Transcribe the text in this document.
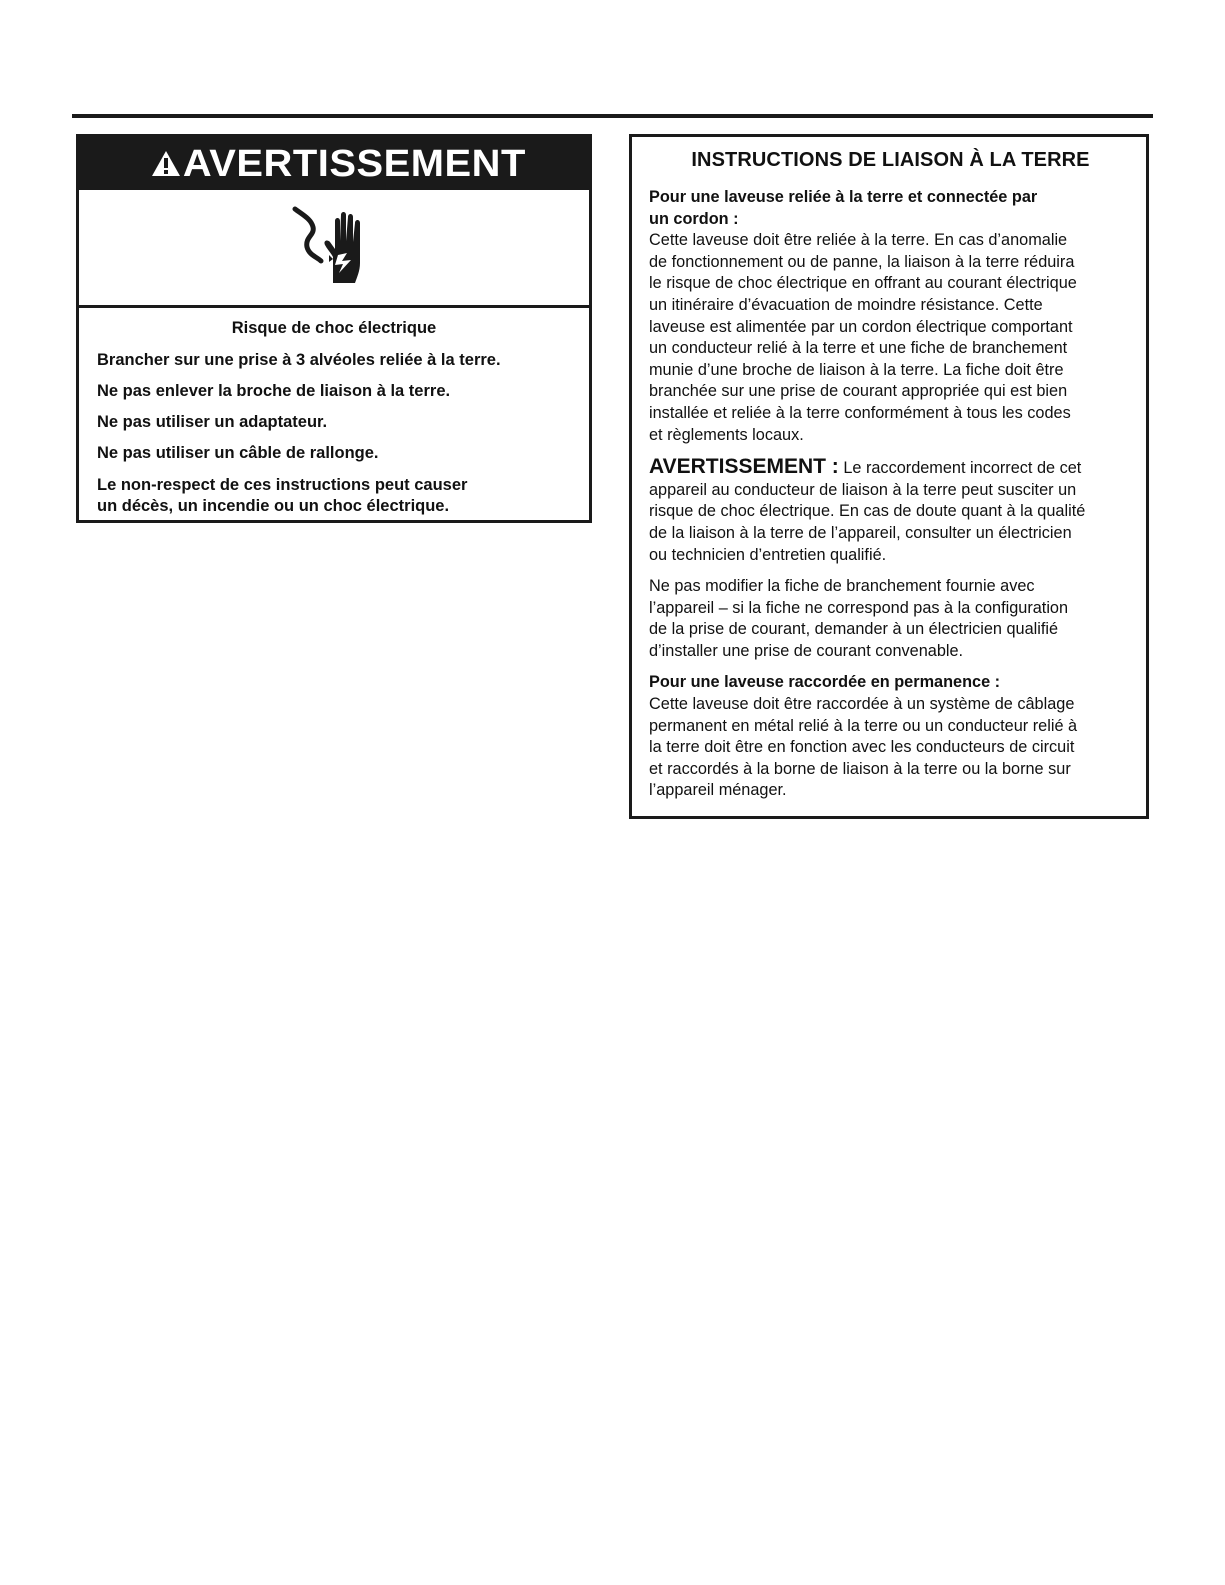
AVERTISSEMENT

Risque de choc électrique

Brancher sur une prise à 3 alvéoles reliée à la terre.

Ne pas enlever la broche de liaison à la terre.

Ne pas utiliser un adaptateur.

Ne pas utiliser un câble de rallonge.

Le non-respect de ces instructions peut causer
un décès, un incendie ou un choc électrique.

INSTRUCTIONS DE LIAISON À LA TERRE

Pour une laveuse reliée à la terre et connectée par
un cordon :

Cette laveuse doit être reliée à la terre. En cas d’anomalie
de fonctionnement ou de panne, la liaison à la terre réduira
le risque de choc électrique en offrant au courant électrique
un itinéraire d’évacuation de moindre résistance. Cette
laveuse est alimentée par un cordon électrique comportant
un conducteur relié à la terre et une fiche de branchement
munie d’une broche de liaison à la terre. La fiche doit être
branchée sur une prise de courant appropriée qui est bien
installée et reliée à la terre conformément à tous les codes
et règlements locaux.

AVERTISSEMENT : Le raccordement incorrect de cet
appareil au conducteur de liaison à la terre peut susciter un
risque de choc électrique. En cas de doute quant à la qualité
de la liaison à la terre de l’appareil, consulter un électricien
ou technicien d’entretien qualifié.

Ne pas modifier la fiche de branchement fournie avec
l’appareil – si la fiche ne correspond pas à la configuration
de la prise de courant, demander à un électricien qualifié
d’installer une prise de courant convenable.

Pour une laveuse raccordée en permanence :

Cette laveuse doit être raccordée à un système de câblage
permanent en métal relié à la terre ou un conducteur relié à
la terre doit être en fonction avec les conducteurs de circuit
et raccordés à la borne de liaison à la terre ou la borne sur
l’appareil ménager.
